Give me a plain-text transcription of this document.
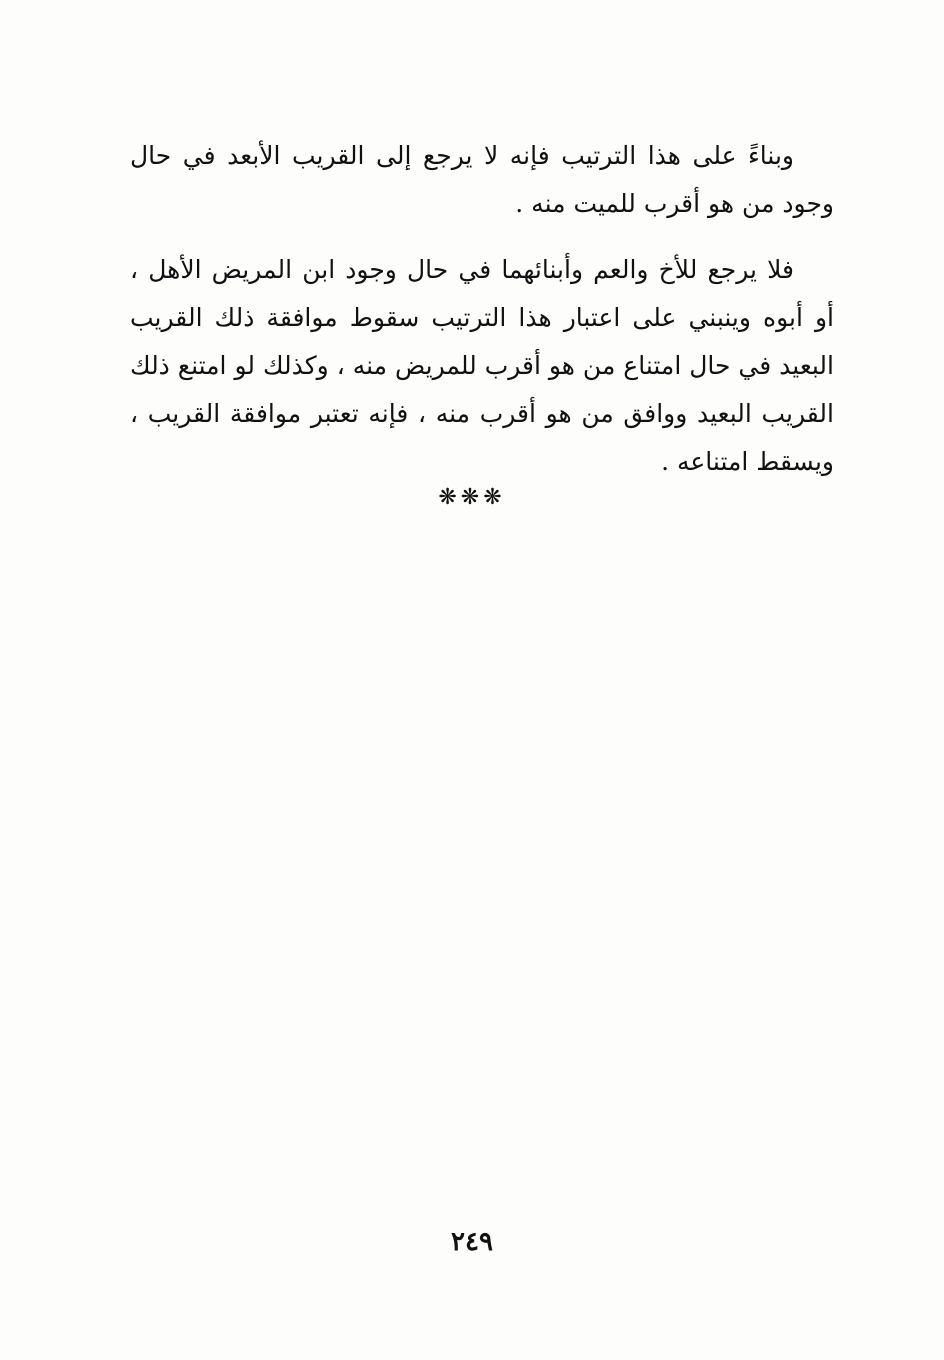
وبناءً على هذا الترتيب فإنه لا يرجع إلى القريب الأبعد في حال وجود من هو أقرب للميت منه .

فلا يرجع للأخ والعم وأبنائهما في حال وجود ابن المريض الأهل ، أو أبوه وينبني على اعتبار هذا الترتيب سقوط موافقة ذلك القريب البعيد في حال امتناع من هو أقرب للمريض منه ، وكذلك لو امتنع ذلك القريب البعيد ووافق من هو أقرب منه ، فإنه تعتبر موافقة القريب ، ويسقط امتناعه .

❋❋❋
٢٤٩
